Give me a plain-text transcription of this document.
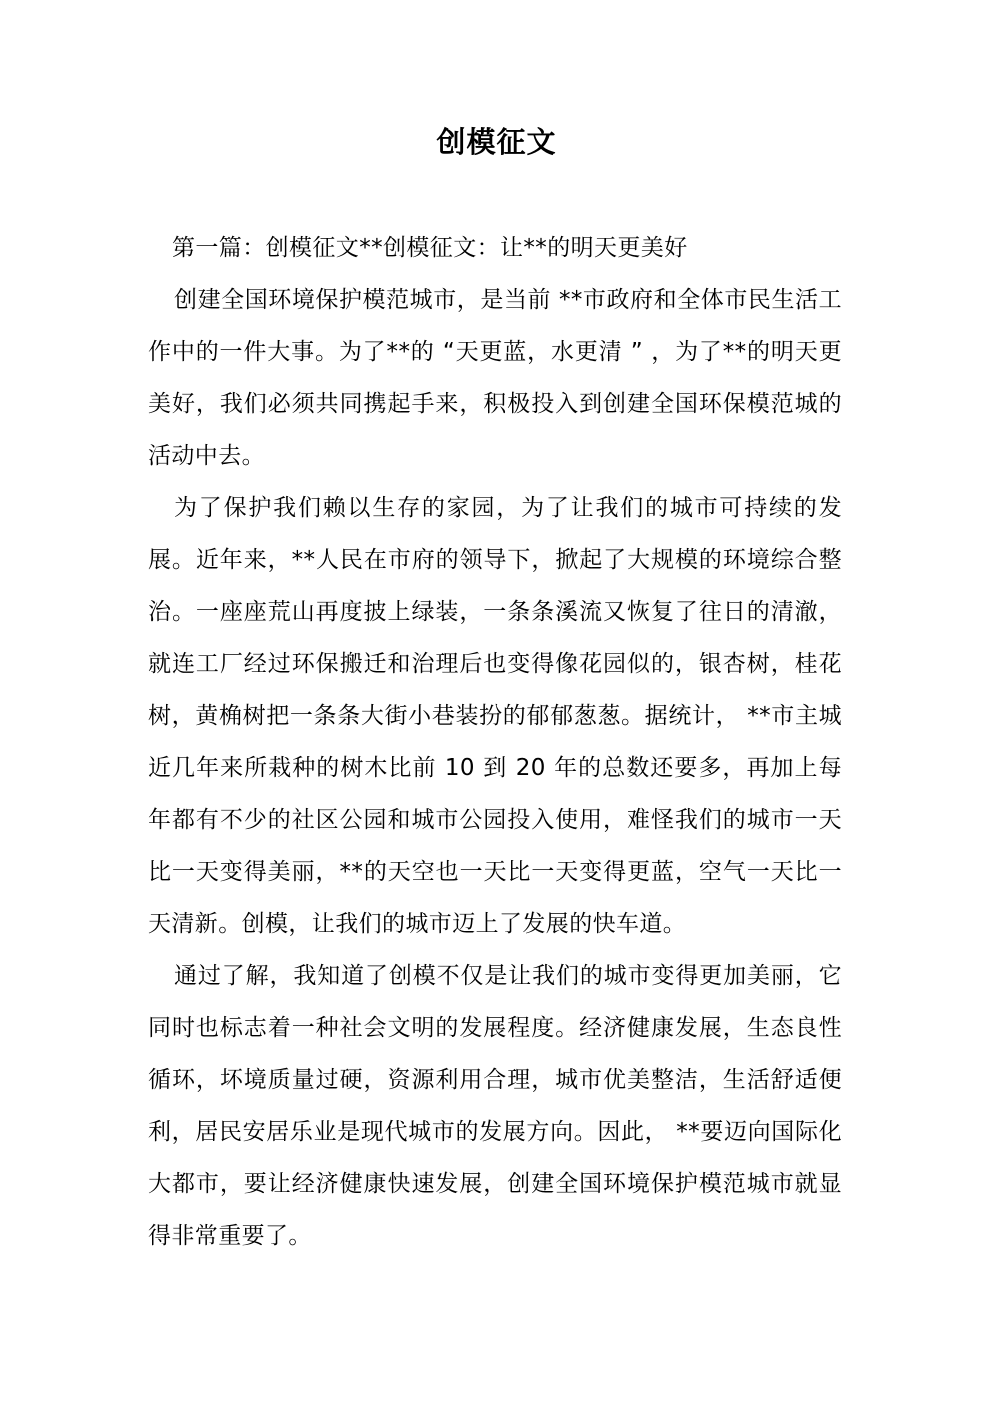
创模征文

第一篇：创模征文**创模征文：让**的明天更美好

创建全国环境保护模范城市，是当前 **市政府和全体市民生活工作中的一件大事。为了**的 “天更蓝，水更清 ” ，为了**的明天更美好，我们必须共同携起手来，积极投入到创建全国环保模范城的活动中去。

为了保护我们赖以生存的家园，为了让我们的城市可持续的发展。近年来，**人民在市府的领导下，掀起了大规模的环境综合整治。一座座荒山再度披上绿装，一条条溪流又恢复了往日的清澈，就连工厂经过环保搬迁和治理后也变得像花园似的，银杏树，桂花树，黄桷树把一条条大街小巷装扮的郁郁葱葱。据统计， **市主城近几年来所栽种的树木比前 10 到 20 年的总数还要多，再加上每年都有不少的社区公园和城市公园投入使用，难怪我们的城市一天比一天变得美丽，**的天空也一天比一天变得更蓝，空气一天比一天清新。创模，让我们的城市迈上了发展的快车道。

通过了解，我知道了创模不仅是让我们的城市变得更加美丽，它同时也标志着一种社会文明的发展程度。经济健康发展，生态良性循环，坏境质量过硬，资源利用合理，城市优美整洁，生活舒适便利，居民安居乐业是现代城市的发展方向。因此， **要迈向国际化大都市，要让经济健康快速发展，创建全国环境保护模范城市就显得非常重要了。
